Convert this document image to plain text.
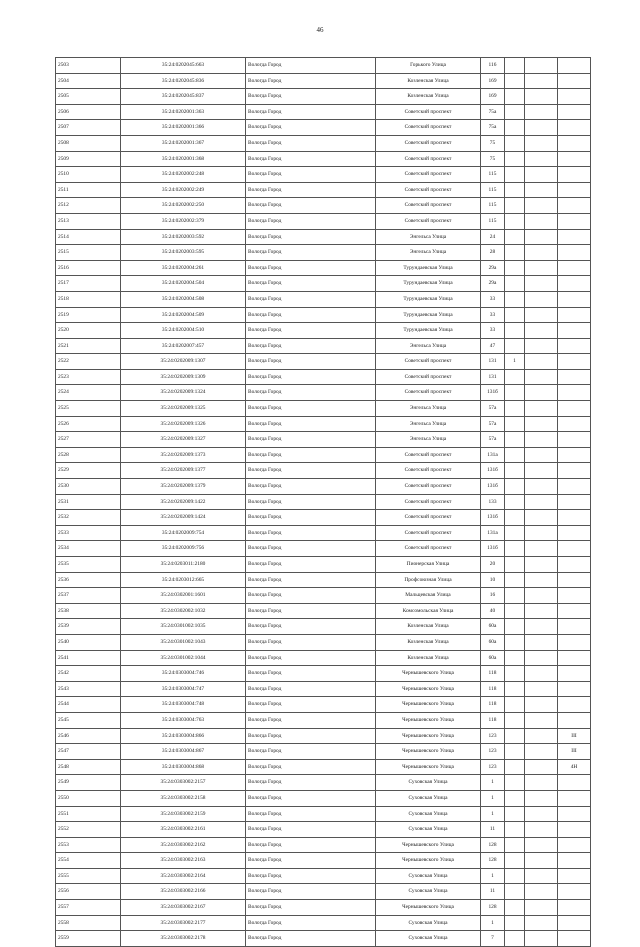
46
2503	35:24:0202045:663	Вологда Город	Горького Улица	116			
2504	35:24:0202045:836	Вологда Город	Козленская Улица	169			
2505	35:24:0202045:837	Вологда Город	Козленская Улица	169			
2506	35:24:0202001:363	Вологда Город	Советский проспект	75а			
2507	35:24:0202001:366	Вологда Город	Советский проспект	75а			
2508	35:24:0202001:367	Вологда Город	Советский проспект	75			
2509	35:24:0202001:368	Вологда Город	Советский проспект	75			
2510	35:24:0202002:248	Вологда Город	Советский проспект	115			
2511	35:24:0202002:249	Вологда Город	Советский проспект	115			
2512	35:24:0202002:250	Вологда Город	Советский проспект	115			
2513	35:24:0202002:379	Вологда Город	Советский проспект	115			
2514	35:24:0202003:592	Вологда Город	Энгельса Улица	24			
2515	35:24:0202003:595	Вологда Город	Энгельса Улица	28			
2516	35:24:0202004:261	Вологда Город	Турундаевская Улица	29а			
2517	35:24:0202004:504	Вологда Город	Турундаевская Улица	29а			
2518	35:24:0202004:508	Вологда Город	Турундаевская Улица	33			
2519	35:24:0202004:509	Вологда Город	Турундаевская Улица	33			
2520	35:24:0202004:510	Вологда Город	Турундаевская Улица	33			
2521	35:24:0202007:457	Вологда Город	Энгельса Улица	47			
2522	35:24:0202009:1307	Вологда Город	Советский проспект	131	1		
2523	35:24:0202009:1309	Вологда Город	Советский проспект	131			
2524	35:24:0202009:1324	Вологда Город	Советский проспект	131б			
2525	35:24:0202009:1325	Вологда Город	Энгельса Улица	57а			
2526	35:24:0202009:1326	Вологда Город	Энгельса Улица	57а			
2527	35:24:0202009:1327	Вологда Город	Энгельса Улица	57а			
2528	35:24:0202009:1373	Вологда Город	Советский проспект	131а			
2529	35:24:0202009:1377	Вологда Город	Советский проспект	131б			
2530	35:24:0202009:1379	Вологда Город	Советский проспект	131б			
2531	35:24:0202009:1422	Вологда Город	Советский проспект	133			
2532	35:24:0202009:1424	Вологда Город	Советский проспект	131б			
2533	35:24:0202009:754	Вологда Город	Советский проспект	131а			
2534	35:24:0202009:756	Вологда Город	Советский проспект	131б			
2535	35:24:0203011:2180	Вологда Город	Пионерская Улица	20			
2536	35:24:0203012:665	Вологда Город	Профсоюзная Улица	10			
2537	35:24:0302001:1601	Вологда Город	Мальцевская Улица	16			
2538	35:24:0302002:1032	Вологда Город	Комсомольская Улица	40			
2539	35:24:0301002:1035	Вологда Город	Козленская Улица	60а			
2540	35:24:0301002:1043	Вологда Город	Козленская Улица	60а			
2541	35:24:0301002:1044	Вологда Город	Козленская Улица	60а			
2542	35:24:0303004:746	Вологда Город	Чернышевского Улица	118			
2543	35:24:0303004:747	Вологда Город	Чернышевского Улица	118			
2544	35:24:0303004:748	Вологда Город	Чернышевского Улица	118			
2545	35:24:0303004:763	Вологда Город	Чернышевского Улица	118			
2546	35:24:0303004:866	Вологда Город	Чернышевского Улица	123			III
2547	35:24:0303004:867	Вологда Город	Чернышевского Улица	123			III
2548	35:24:0303004:868	Вологда Город	Чернышевского Улица	123			4Н
2549	35:24:0303002:2157	Вологда Город	Суховская Улица	1			
2550	35:24:0303002:2158	Вологда Город	Суховская Улица	1			
2551	35:24:0303002:2159	Вологда Город	Суховская Улица	1			
2552	35:24:0303002:2161	Вологда Город	Суховская Улица	11			
2553	35:24:0303002:2162	Вологда Город	Чернышевского Улица	128			
2554	35:24:0303002:2163	Вологда Город	Чернышевского Улица	128			
2555	35:24:0303002:2164	Вологда Город	Суховская Улица	1			
2556	35:24:0303002:2166	Вологда Город	Суховская Улица	11			
2557	35:24:0303002:2167	Вологда Город	Чернышевского Улица	128			
2558	35:24:0303002:2177	Вологда Город	Суховская Улица	1			
2559	35:24:0303002:2178	Вологда Город	Суховская Улица	7			
